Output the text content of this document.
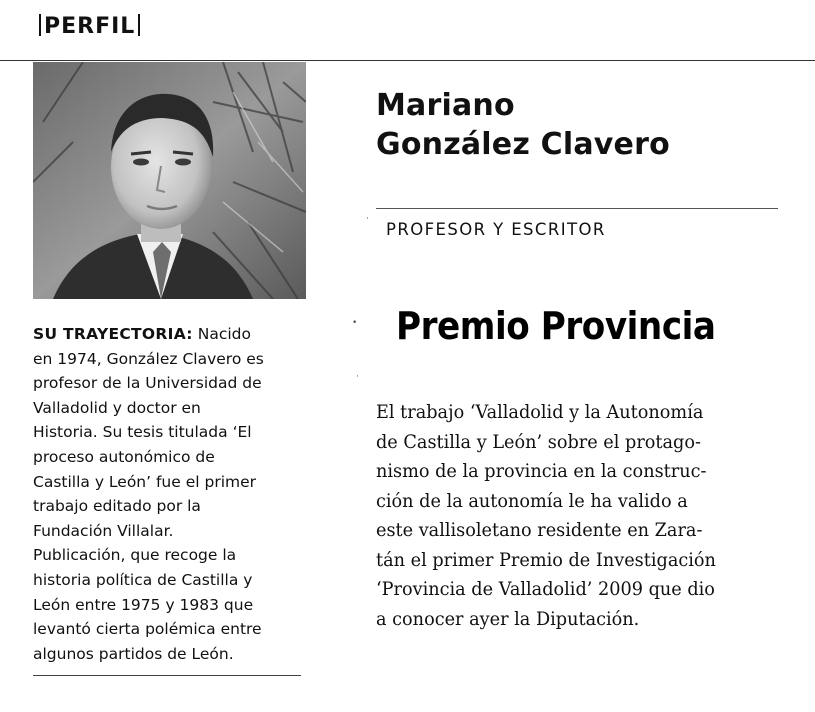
PERFIL
SU TRAYECTORIA: Nacido
en 1974, González Clavero es
profesor de la Universidad de
Valladolid y doctor en
Historia. Su tesis titulada ‘El
proceso autonómico de
Castilla y León’ fue el primer
trabajo editado por la
Fundación Villalar.
Publicación, que recoge la
historia política de Castilla y
León entre 1975 y 1983 que
levantó cierta polémica entre
algunos partidos de León.
Mariano
González Clavero
PROFESOR Y ESCRITOR
Premio Provincia
El trabajo ‘Valladolid y la Autonomía
de Castilla y León’ sobre el protago-
nismo de la provincia en la construc-
ción de la autonomía le ha valido a
este vallisoletano residente en Zara-
tán el primer Premio de Investigación
‘Provincia de Valladolid’ 2009 que dio
a conocer ayer la Diputación.
•
·
·
